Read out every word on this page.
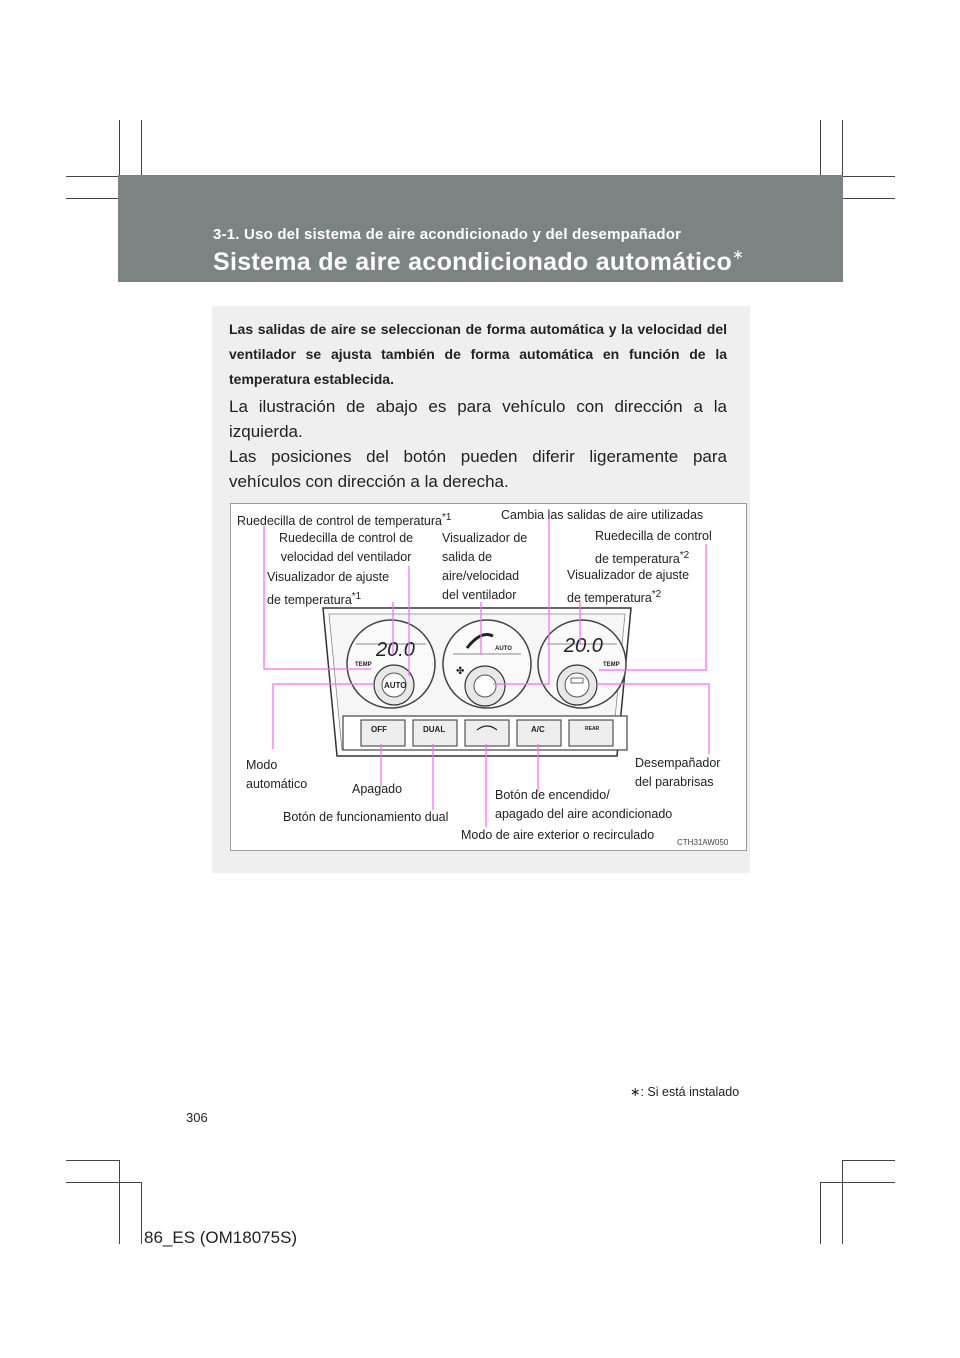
3-1. Uso del sistema de aire acondicionado y del desempañador
Sistema de aire acondicionado automático∗
Las salidas de aire se seleccionan de forma automática y la velocidad del ventilador se ajusta también de forma automática en función de la temperatura establecida.
La ilustración de abajo es para vehículo con dirección a la izquierda.
Las posiciones del botón pueden diferir ligeramente para vehículos con dirección a la derecha.
20.0
TEMP
AUTO
AUTO
✤
20.0
TEMP
OFF	DUAL	A/C	REAR
Ruedecilla de control de temperatura$^{*1}$	Cambia las salidas de aire utilizadas
Ruedecilla de control de
velocidad del ventilador
Visualizador de
salida de
aire/velocidad
del ventilador
Ruedecilla de control
de temperatura$^{*2}$
Visualizador de ajuste
de temperatura$^{*1}$
Visualizador de ajuste
de temperatura$^{*2}$
Modo
automático	Apagado
Desempañador
del parabrisas
Botón de encendido/
apagado del aire acondicionado
Botón de funcionamiento dual
Modo de aire exterior o recirculado
CTH31AW050
∗: Si está instalado
306
86_ES (OM18075S)
